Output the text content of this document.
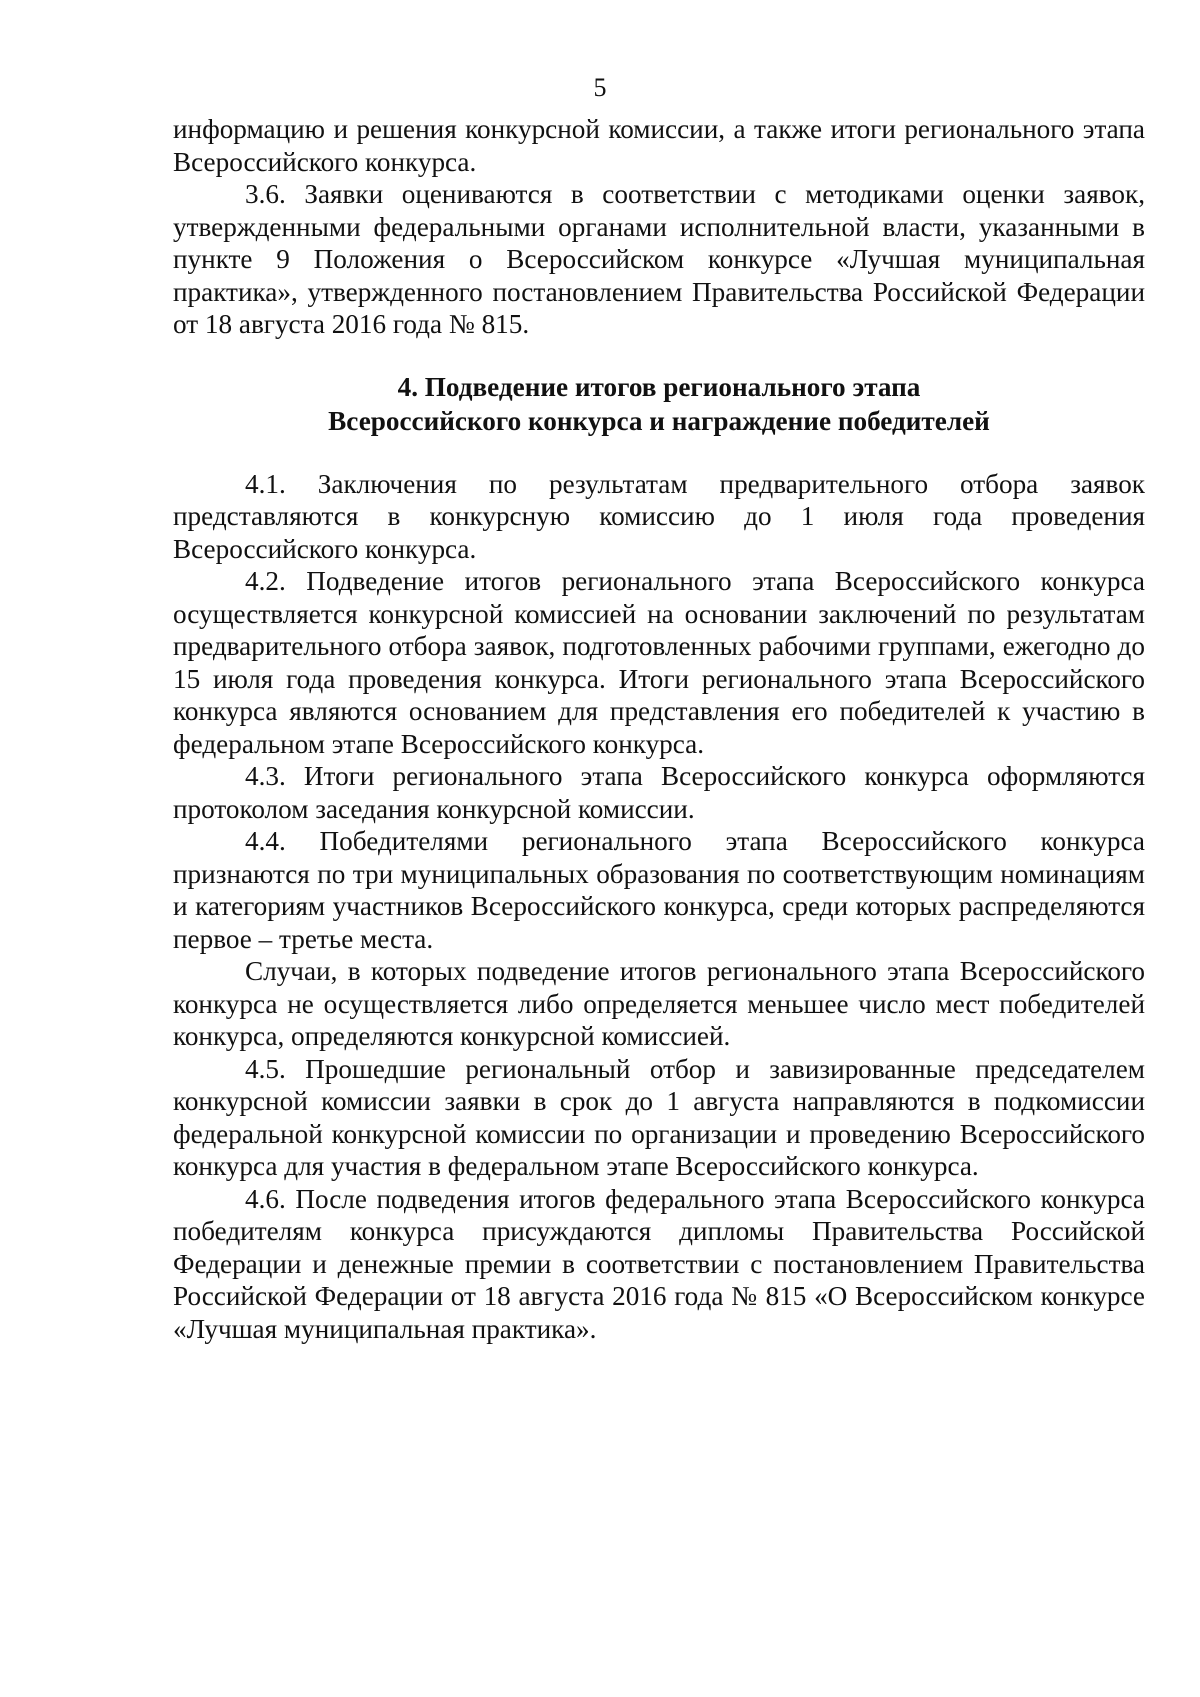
5

информацию и решения конкурсной комиссии, а также итоги регионального этапа Всероссийского конкурса.

3.6. Заявки оцениваются в соответствии с методиками оценки заявок, утвержденными федеральными органами исполнительной власти, указанными в пункте 9 Положения о Всероссийском конкурсе «Лучшая муниципальная практика», утвержденного постановлением Правительства Российской Федерации от 18 августа 2016 года № 815.

4. Подведение итогов регионального этапа
Всероссийского конкурса и награждение победителей

4.1. Заключения по результатам предварительного отбора заявок представляются в конкурсную комиссию до 1 июля года проведения Всероссийского конкурса.

4.2. Подведение итогов регионального этапа Всероссийского конкурса осуществляется конкурсной комиссией на основании заключений по результатам предварительного отбора заявок, подготовленных рабочими группами, ежегодно до 15 июля года проведения конкурса. Итоги регионального этапа Всероссийского конкурса являются основанием для представления его победителей к участию в федеральном этапе Всероссийского конкурса.

4.3. Итоги регионального этапа Всероссийского конкурса оформляются протоколом заседания конкурсной комиссии.

4.4. Победителями регионального этапа Всероссийского конкурса признаются по три муниципальных образования по соответствующим номинациям и категориям участников Всероссийского конкурса, среди которых распределяются первое – третье места.

Случаи, в которых подведение итогов регионального этапа Всероссийского конкурса не осуществляется либо определяется меньшее число мест победителей конкурса, определяются конкурсной комиссией.

4.5. Прошедшие региональный отбор и завизированные председателем конкурсной комиссии заявки в срок до 1 августа направляются в подкомиссии федеральной конкурсной комиссии по организации и проведению Всероссийского конкурса для участия в федеральном этапе Всероссийского конкурса.

4.6. После подведения итогов федерального этапа Всероссийского конкурса победителям конкурса присуждаются дипломы Правительства Российской Федерации и денежные премии в соответствии с постановлением Правительства Российской Федерации от 18 августа 2016 года № 815 «О Всероссийском конкурсе «Лучшая муниципальная практика».
